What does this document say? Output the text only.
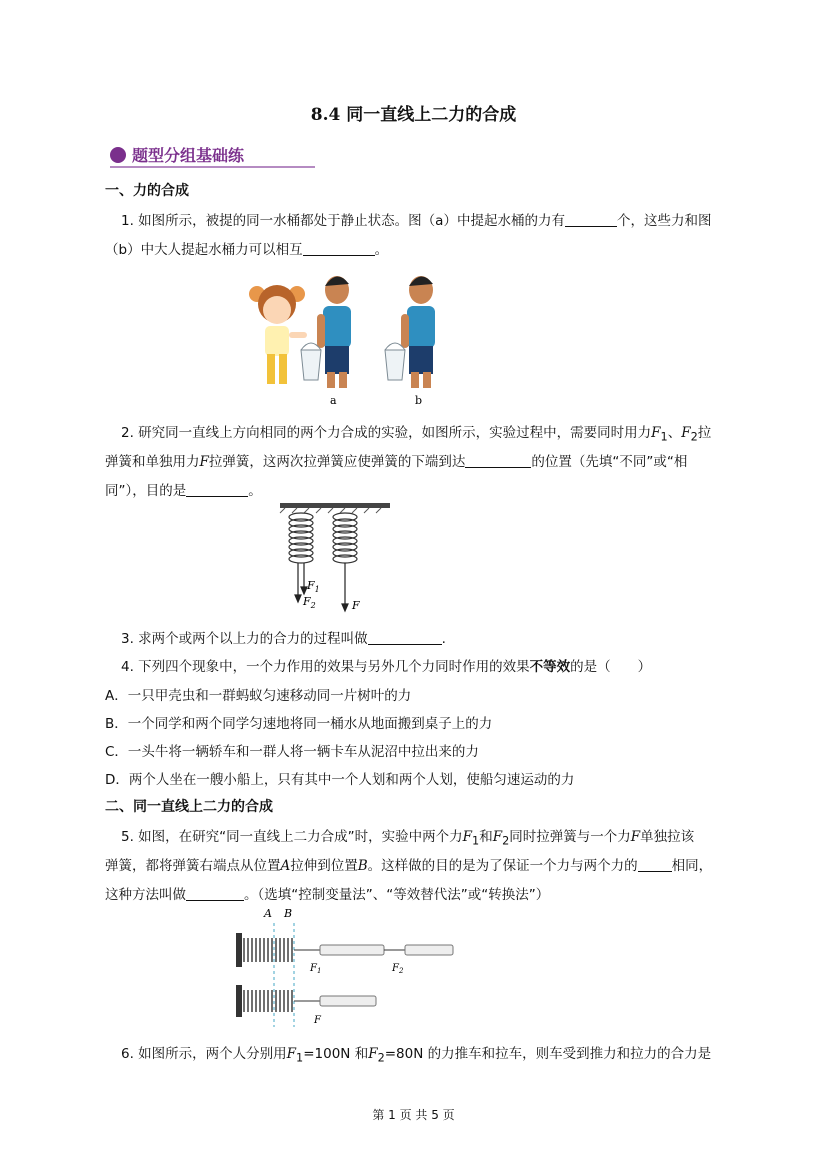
8.4 同一直线上二力的合成
题型分组基础练
一、力的合成
1. 如图所示，被提的同一水桶都处于静止状态。图（a）中提起水桶的力有	个，这些力和图
（b）中大人提起水桶力可以相互	。
a	b
2. 研究同一直线上方向相同的两个力合成的实验，如图所示，实验过程中，需要同时用力$F_1$、$F_2$拉
弹簧和单独用力F拉弹簧，这两次拉弹簧应使弹簧的下端到达	的位置（先填“不同”或“相
同”），目的是	。
$F_1$
$F_2$	F
3. 求两个或两个以上力的合力的过程叫做	.
4. 下列四个现象中，一个力作用的效果与另外几个力同时作用的效果不等效的是（　　）
A．一只甲壳虫和一群蚂蚁匀速移动同一片树叶的力
B．一个同学和两个同学匀速地将同一桶水从地面搬到桌子上的力
C．一头牛将一辆轿车和一群人将一辆卡车从泥沼中拉出来的力
D．两个人坐在一艘小船上，只有其中一个人划和两个人划，使船匀速运动的力
二、同一直线上二力的合成
5. 如图，在研究“同一直线上二力合成”时，实验中两个力$F_1$和$F_2$同时拉弹簧与一个力F单独拉该
弹簧，都将弹簧右端点从位置A拉伸到位置B。这样做的目的是为了保证一个力与两个力的	相同，
这种方法叫做	。（选填“控制变量法”、“等效替代法”或“转换法”）
A B
$F_1$	$F_2$
F
6. 如图所示，两个人分别用$F_1=100N$ 和$F_2=80N$ 的力推车和拉车，则车受到推力和拉力的合力是
第 1 页 共 5 页
